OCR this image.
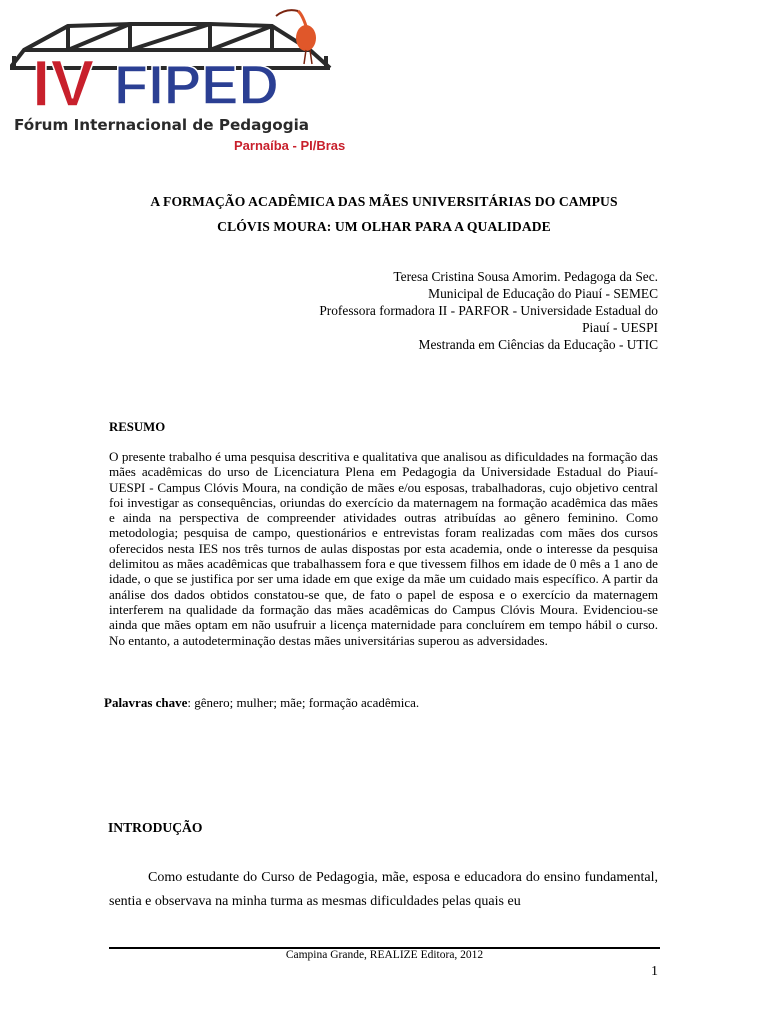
IV FIPED
Fórum Internacional de Pedagogia
Parnaíba - PI/Brasil
A FORMAÇÃO ACADÊMICA DAS MÃES UNIVERSITÁRIAS DO CAMPUS
CLÓVIS MOURA: UM OLHAR PARA A QUALIDADE
Teresa Cristina Sousa Amorim. Pedagoga da Sec.
Municipal de Educação do Piauí - SEMEC
Professora formadora II - PARFOR - Universidade Estadual do
Piauí - UESPI
Mestranda em Ciências da Educação - UTIC
RESUMO
O presente trabalho é uma pesquisa descritiva e qualitativa que analisou as dificuldades na formação das mães acadêmicas do urso de Licenciatura Plena em Pedagogia da Universidade Estadual do Piauí- UESPI - Campus Clóvis Moura, na condição de mães e/ou esposas, trabalhadoras, cujo objetivo central foi investigar as consequências, oriundas do exercício da maternagem na formação acadêmica das mães e ainda na perspectiva de compreender atividades outras atribuídas ao gênero feminino. Como metodologia; pesquisa de campo, questionários e entrevistas foram realizadas com mães dos cursos oferecidos nesta IES nos três turnos de aulas dispostas por esta academia, onde o interesse da pesquisa delimitou as mães acadêmicas que trabalhassem fora e que tivessem filhos em idade de 0 mês a 1 ano de idade, o que se justifica por ser uma idade em que exige da mãe um cuidado mais específico. A partir da análise dos dados obtidos constatou-se que, de fato o papel de esposa e o exercício da maternagem interferem na qualidade da formação das mães acadêmicas do Campus Clóvis Moura. Evidenciou-se ainda que mães optam em não usufruir a licença maternidade para concluírem em tempo hábil o curso. No entanto, a autodeterminação destas mães universitárias superou as adversidades.
Palavras chave: gênero; mulher; mãe; formação acadêmica.
INTRODUÇÃO
Como estudante do Curso de Pedagogia, mãe, esposa e educadora do ensino fundamental, sentia e observava na minha turma as mesmas dificuldades pelas quais eu
Campina Grande, REALIZE Editora, 2012
1
